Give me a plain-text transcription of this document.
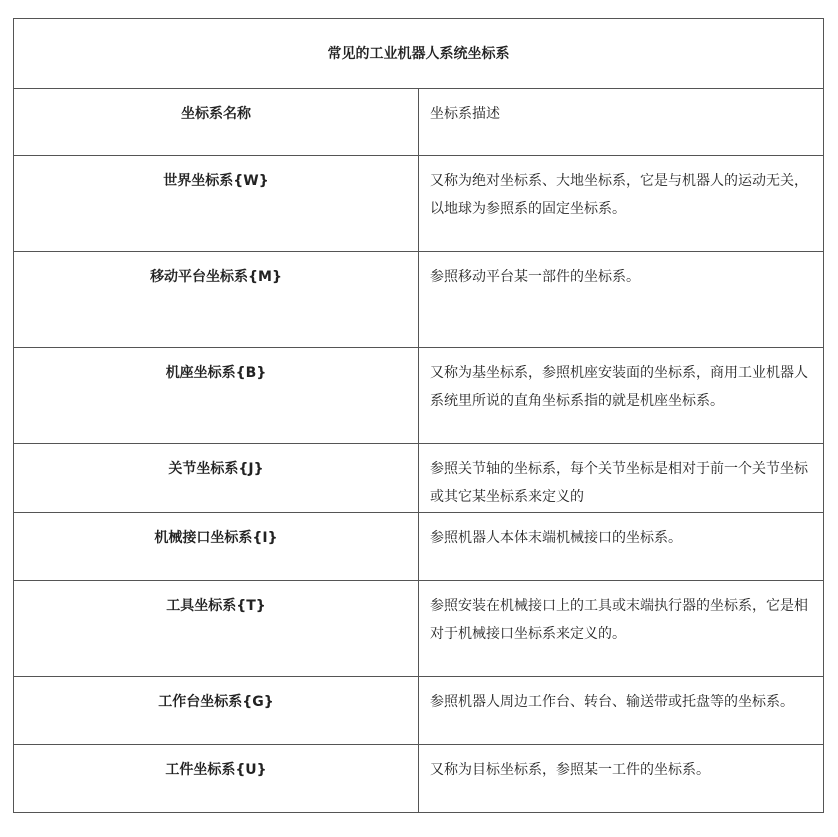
常见的工业机器人系统坐标系	
坐标系名称	坐标系描述
世界坐标系{W}	又称为绝对坐标系、大地坐标系，它是与机器人的运动无关，以地球为参照系的固定坐标系。
移动平台坐标系{M}	参照移动平台某一部件的坐标系。
机座坐标系{B}	又称为基坐标系，参照机座安装面的坐标系，商用工业机器人系统里所说的直角坐标系指的就是机座坐标系。
关节坐标系{J}	参照关节轴的坐标系，每个关节坐标是相对于前一个关节坐标或其它某坐标系来定义的
机械接口坐标系{I}	参照机器人本体末端机械接口的坐标系。
工具坐标系{T}	参照安装在机械接口上的工具或末端执行器的坐标系，它是相对于机械接口坐标系来定义的。
工作台坐标系{G}	参照机器人周边工作台、转台、输送带或托盘等的坐标系。
工件坐标系{U}	又称为目标坐标系，参照某一工件的坐标系。
